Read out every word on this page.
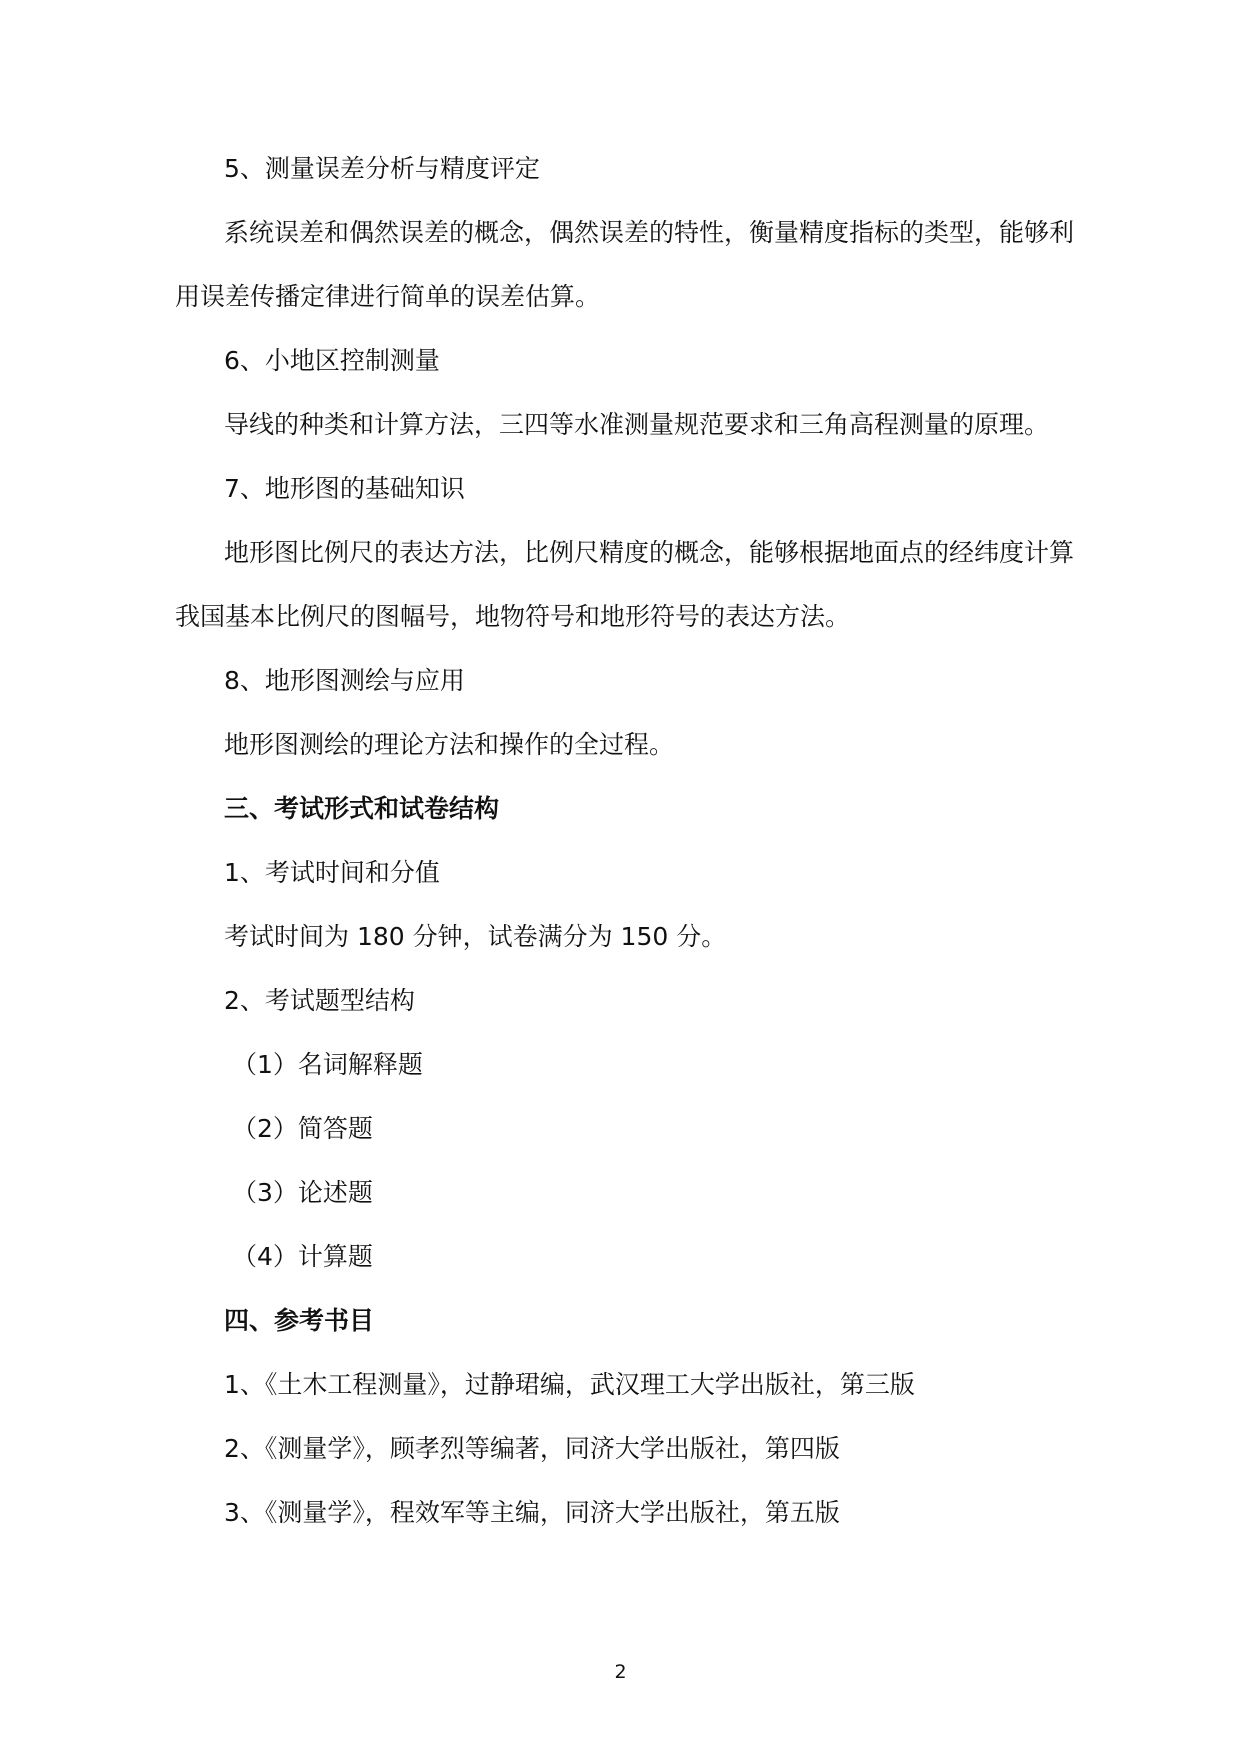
5、测量误差分析与精度评定
系统误差和偶然误差的概念，偶然误差的特性，衡量精度指标的类型，能够利
用误差传播定律进行简单的误差估算。
6、小地区控制测量
导线的种类和计算方法，三四等水准测量规范要求和三角高程测量的原理。
7、地形图的基础知识
地形图比例尺的表达方法，比例尺精度的概念，能够根据地面点的经纬度计算
我国基本比例尺的图幅号，地物符号和地形符号的表达方法。
8、地形图测绘与应用
地形图测绘的理论方法和操作的全过程。
三、考试形式和试卷结构
1、考试时间和分值
考试时间为 180 分钟，试卷满分为 150 分。
2、考试题型结构
（1）名词解释题
（2）简答题
（3）论述题
（4）计算题
四、参考书目
1、《土木工程测量》，过静珺编，武汉理工大学出版社，第三版
2、《测量学》，顾孝烈等编著，同济大学出版社，第四版
3、《测量学》，程效军等主编，同济大学出版社，第五版
2
